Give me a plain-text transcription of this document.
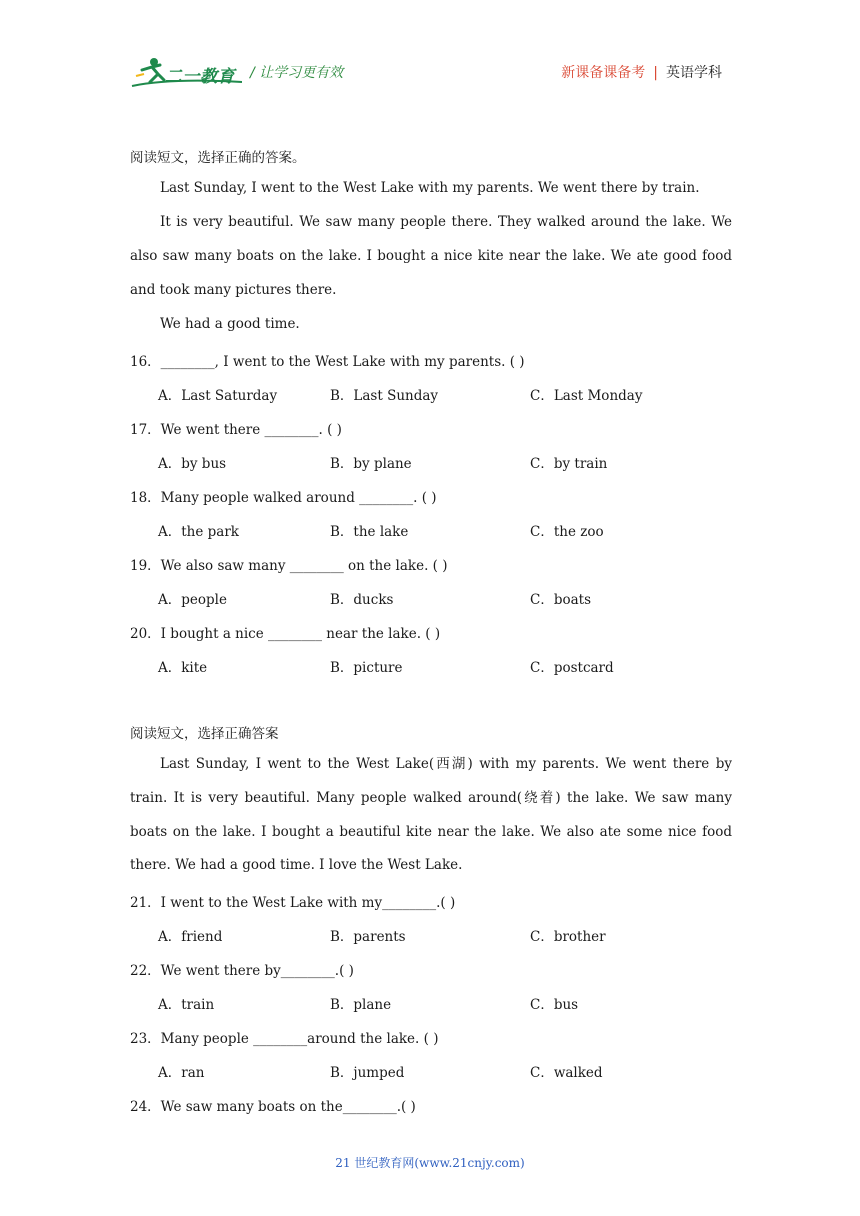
二一教育 / 让学习更有效	新课备课备考 | 英语学科
阅读短文，选择正确的答案。
Last Sunday, I went to the West Lake with my parents. We went there by train.
It is very beautiful. We saw many people there. They walked around the lake. We also saw many boats on the lake. I bought a nice kite near the lake. We ate good food and took many pictures there.
We had a good time.
16．________, I went to the West Lake with my parents. ( )
A．Last Saturday	B．Last Sunday	C．Last Monday
17．We went there ________. ( )
A．by bus	B．by plane	C．by train
18．Many people walked around ________. ( )
A．the park	B．the lake	C．the zoo
19．We also saw many ________ on the lake. ( )
A．people	B．ducks	C．boats
20．I bought a nice ________ near the lake. ( )
A．kite	B．picture	C．postcard
阅读短文，选择正确答案
Last Sunday, I went to the West Lake(西湖) with my parents. We went there by train. It is very beautiful. Many people walked around(绕着) the lake. We saw many boats on the lake. I bought a beautiful kite near the lake. We also ate some nice food there. We had a good time. I love the West Lake.
21．I went to the West Lake with my________.( )
A．friend	B．parents	C．brother
22．We went there by________.( )
A．train	B．plane	C．bus
23．Many people ________around the lake. ( )
A．ran	B．jumped	C．walked
24．We saw many boats on the________.( )
21 世纪教育网(www.21cnjy.com)
